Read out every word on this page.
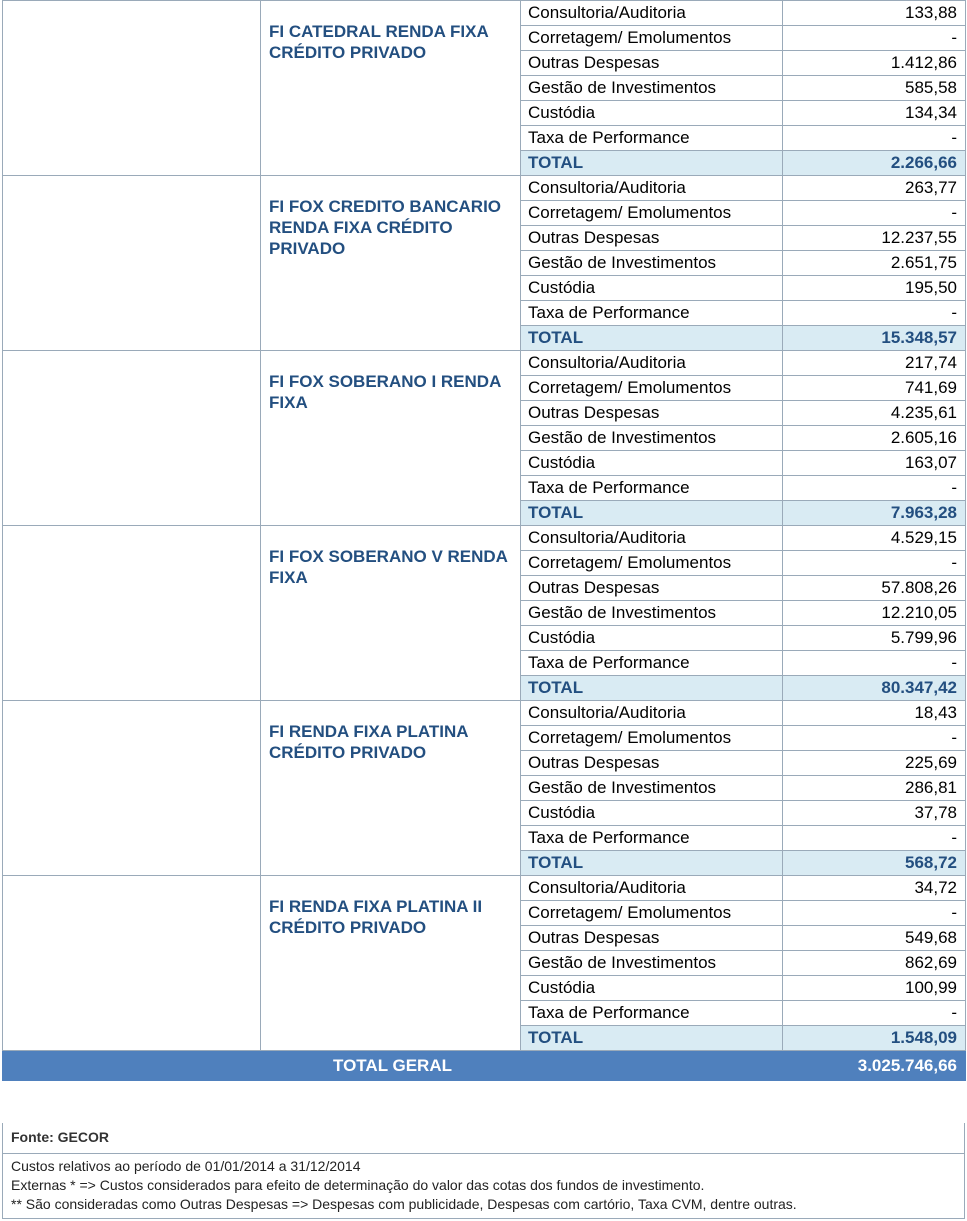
	FI CATEDRAL RENDA FIXA CRÉDITO PRIVADO	Consultoria/Auditoria	133,88
		Corretagem/ Emolumentos	-
		Outras Despesas	1.412,86
		Gestão de Investimentos	585,58
		Custódia	134,34
		Taxa de Performance	-
		TOTAL	2.266,66
	FI FOX CREDITO BANCARIO RENDA FIXA CRÉDITO PRIVADO	Consultoria/Auditoria	263,77
		Corretagem/ Emolumentos	-
		Outras Despesas	12.237,55
		Gestão de Investimentos	2.651,75
		Custódia	195,50
		Taxa de Performance	-
		TOTAL	15.348,57
	FI FOX SOBERANO I RENDA FIXA	Consultoria/Auditoria	217,74
		Corretagem/ Emolumentos	741,69
		Outras Despesas	4.235,61
		Gestão de Investimentos	2.605,16
		Custódia	163,07
		Taxa de Performance	-
		TOTAL	7.963,28
	FI FOX SOBERANO V RENDA FIXA	Consultoria/Auditoria	4.529,15
		Corretagem/ Emolumentos	-
		Outras Despesas	57.808,26
		Gestão de Investimentos	12.210,05
		Custódia	5.799,96
		Taxa de Performance	-
		TOTAL	80.347,42
	FI RENDA FIXA PLATINA CRÉDITO PRIVADO	Consultoria/Auditoria	18,43
		Corretagem/ Emolumentos	-
		Outras Despesas	225,69
		Gestão de Investimentos	286,81
		Custódia	37,78
		Taxa de Performance	-
		TOTAL	568,72
	FI RENDA FIXA PLATINA II CRÉDITO PRIVADO	Consultoria/Auditoria	34,72
		Corretagem/ Emolumentos	-
		Outras Despesas	549,68
		Gestão de Investimentos	862,69
		Custódia	100,99
		Taxa de Performance	-
		TOTAL	1.548,09
TOTAL GERAL			3.025.746,66
Fonte: GECOR
Custos relativos ao período de 01/01/2014 a 31/12/2014
Externas * => Custos considerados para efeito de determinação do valor das cotas dos fundos de investimento.
** São consideradas como Outras Despesas => Despesas com publicidade, Despesas com cartório, Taxa CVM, dentre outras.
